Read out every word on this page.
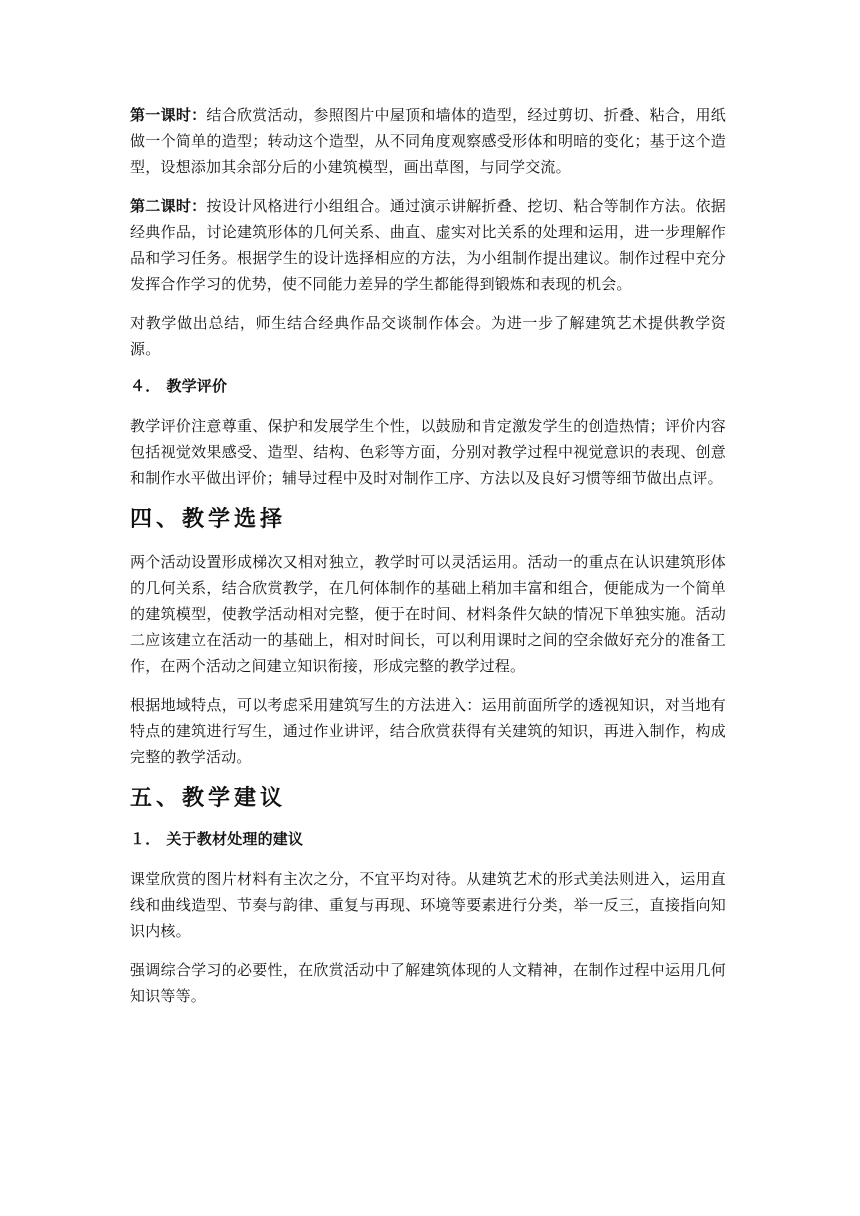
第一课时：结合欣赏活动，参照图片中屋顶和墙体的造型，经过剪切、折叠、粘合，用纸做一个简单的造型；转动这个造型，从不同角度观察感受形体和明暗的变化；基于这个造型，设想添加其余部分后的小建筑模型，画出草图，与同学交流。

第二课时：按设计风格进行小组组合。通过演示讲解折叠、挖切、粘合等制作方法。依据经典作品，讨论建筑形体的几何关系、曲直、虚实对比关系的处理和运用，进一步理解作品和学习任务。根据学生的设计选择相应的方法，为小组制作提出建议。制作过程中充分发挥合作学习的优势，使不同能力差异的学生都能得到锻炼和表现的机会。

对教学做出总结，师生结合经典作品交谈制作体会。为进一步了解建筑艺术提供教学资源。

４． 教学评价

教学评价注意尊重、保护和发展学生个性，以鼓励和肯定激发学生的创造热情；评价内容包括视觉效果感受、造型、结构、色彩等方面，分别对教学过程中视觉意识的表现、创意和制作水平做出评价；辅导过程中及时对制作工序、方法以及良好习惯等细节做出点评。

四、教学选择

两个活动设置形成梯次又相对独立，教学时可以灵活运用。活动一的重点在认识建筑形体的几何关系，结合欣赏教学，在几何体制作的基础上稍加丰富和组合，便能成为一个简单的建筑模型，使教学活动相对完整，便于在时间、材料条件欠缺的情况下单独实施。活动二应该建立在活动一的基础上，相对时间长，可以利用课时之间的空余做好充分的准备工作，在两个活动之间建立知识衔接，形成完整的教学过程。

根据地域特点，可以考虑采用建筑写生的方法进入：运用前面所学的透视知识，对当地有特点的建筑进行写生，通过作业讲评，结合欣赏获得有关建筑的知识，再进入制作，构成完整的教学活动。

五、教学建议
１． 关于教材处理的建议

课堂欣赏的图片材料有主次之分，不宜平均对待。从建筑艺术的形式美法则进入，运用直线和曲线造型、节奏与韵律、重复与再现、环境等要素进行分类，举一反三，直接指向知识内核。

强调综合学习的必要性，在欣赏活动中了解建筑体现的人文精神，在制作过程中运用几何知识等等。
